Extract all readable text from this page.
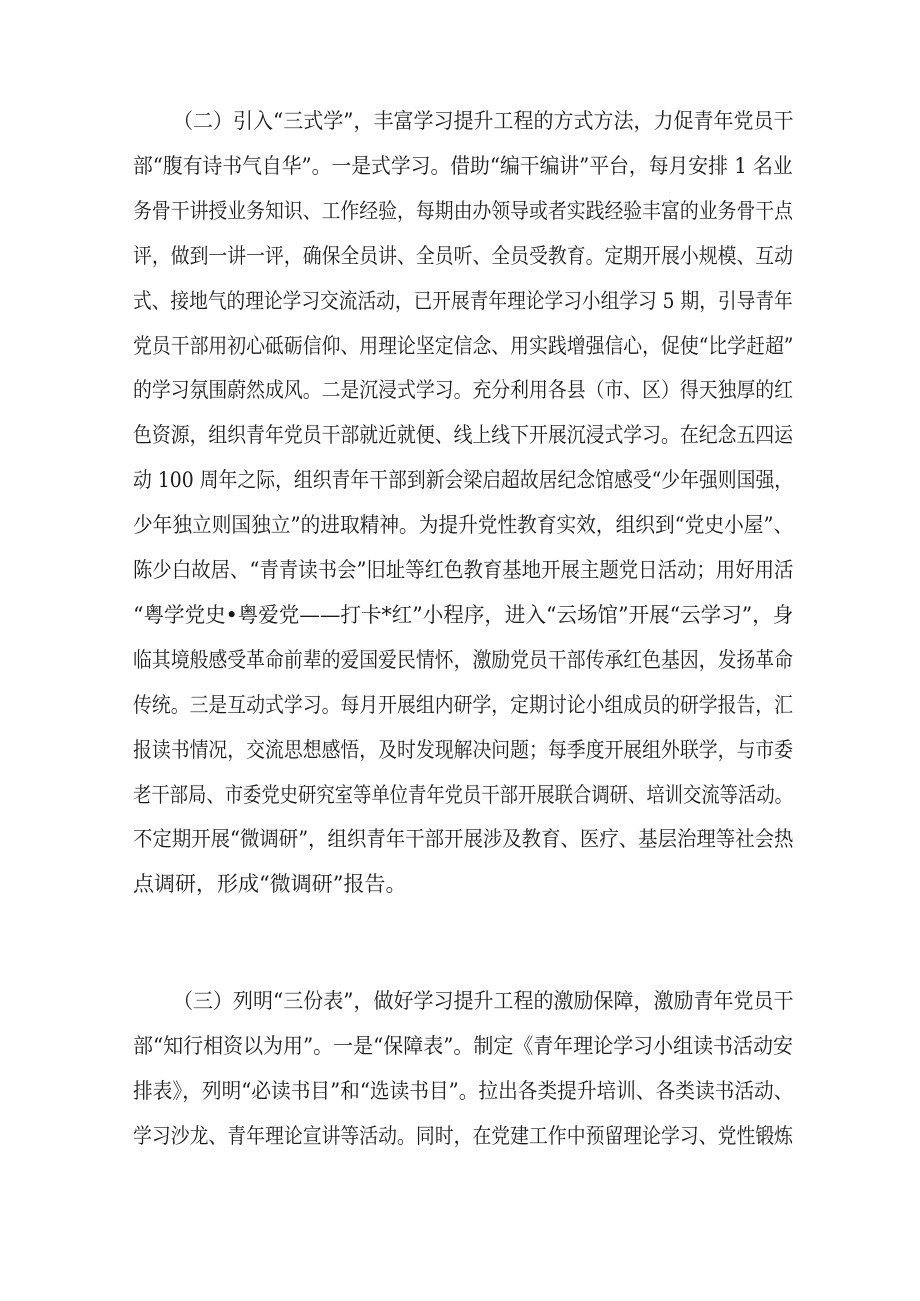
（二）引入“三式学”，丰富学习提升工程的方式方法，力促青年党员干
部“腹有诗书气自华”。一是式学习。借助“编干编讲”平台，每月安排 1 名业
务骨干讲授业务知识、工作经验，每期由办领导或者实践经验丰富的业务骨干点
评，做到一讲一评，确保全员讲、全员听、全员受教育。定期开展小规模、互动
式、接地气的理论学习交流活动，已开展青年理论学习小组学习 5 期，引导青年
党员干部用初心砥砺信仰、用理论坚定信念、用实践增强信心，促使“比学赶超”
的学习氛围蔚然成风。二是沉浸式学习。充分利用各县（市、区）得天独厚的红
色资源，组织青年党员干部就近就便、线上线下开展沉浸式学习。在纪念五四运
动 100 周年之际，组织青年干部到新会梁启超故居纪念馆感受“少年强则国强，
少年独立则国独立”的进取精神。为提升党性教育实效，组织到“党史小屋”、
陈少白故居、“青青读书会”旧址等红色教育基地开展主题党日活动；用好用活
“粤学党史•粤爱党——打卡*红”小程序，进入“云场馆”开展“云学习”，身
临其境般感受革命前辈的爱国爱民情怀，激励党员干部传承红色基因，发扬革命
传统。三是互动式学习。每月开展组内研学，定期讨论小组成员的研学报告，汇
报读书情况，交流思想感悟，及时发现解决问题；每季度开展组外联学，与市委
老干部局、市委党史研究室等单位青年党员干部开展联合调研、培训交流等活动。
不定期开展“微调研”，组织青年干部开展涉及教育、医疗、基层治理等社会热
点调研，形成“微调研”报告。
（三）列明“三份表”，做好学习提升工程的激励保障，激励青年党员干
部“知行相资以为用”。一是“保障表”。制定《青年理论学习小组读书活动安
排表》，列明“必读书目”和“选读书目”。拉出各类提升培训、各类读书活动、
学习沙龙、青年理论宣讲等活动。同时，在党建工作中预留理论学习、党性锻炼
